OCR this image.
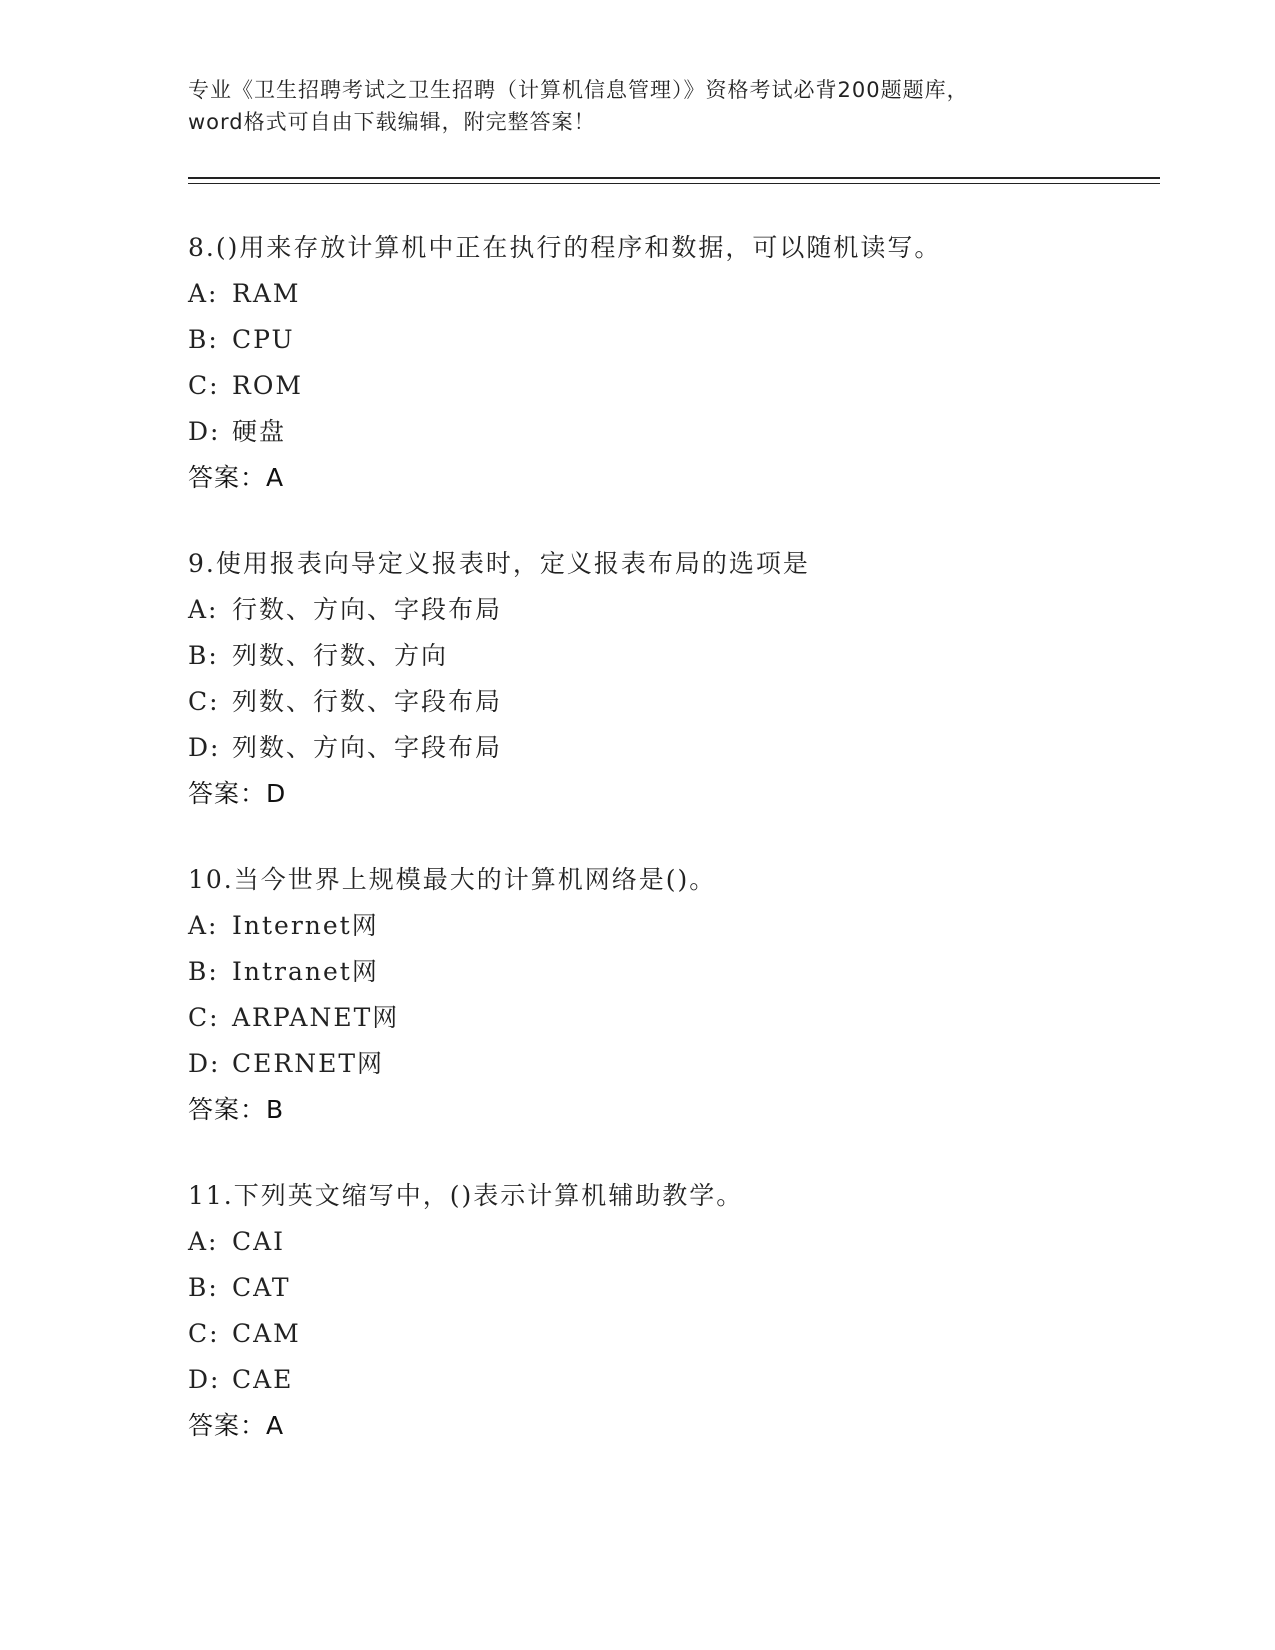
专业《卫生招聘考试之卫生招聘（计算机信息管理）》资格考试必背200题题库，
word格式可自由下载编辑，附完整答案！
8.()用来存放计算机中正在执行的程序和数据，可以随机读写。
A: RAM
B: CPU
C: ROM
D: 硬盘
答案：A
9.使用报表向导定义报表时，定义报表布局的选项是
A: 行数、方向、字段布局
B: 列数、行数、方向
C: 列数、行数、字段布局
D: 列数、方向、字段布局
答案：D
10.当今世界上规模最大的计算机网络是()。
A: Internet网
B: Intranet网
C: ARPANET网
D: CERNET网
答案：B
11.下列英文缩写中，()表示计算机辅助教学。
A: CAI
B: CAT
C: CAM
D: CAE
答案：A
